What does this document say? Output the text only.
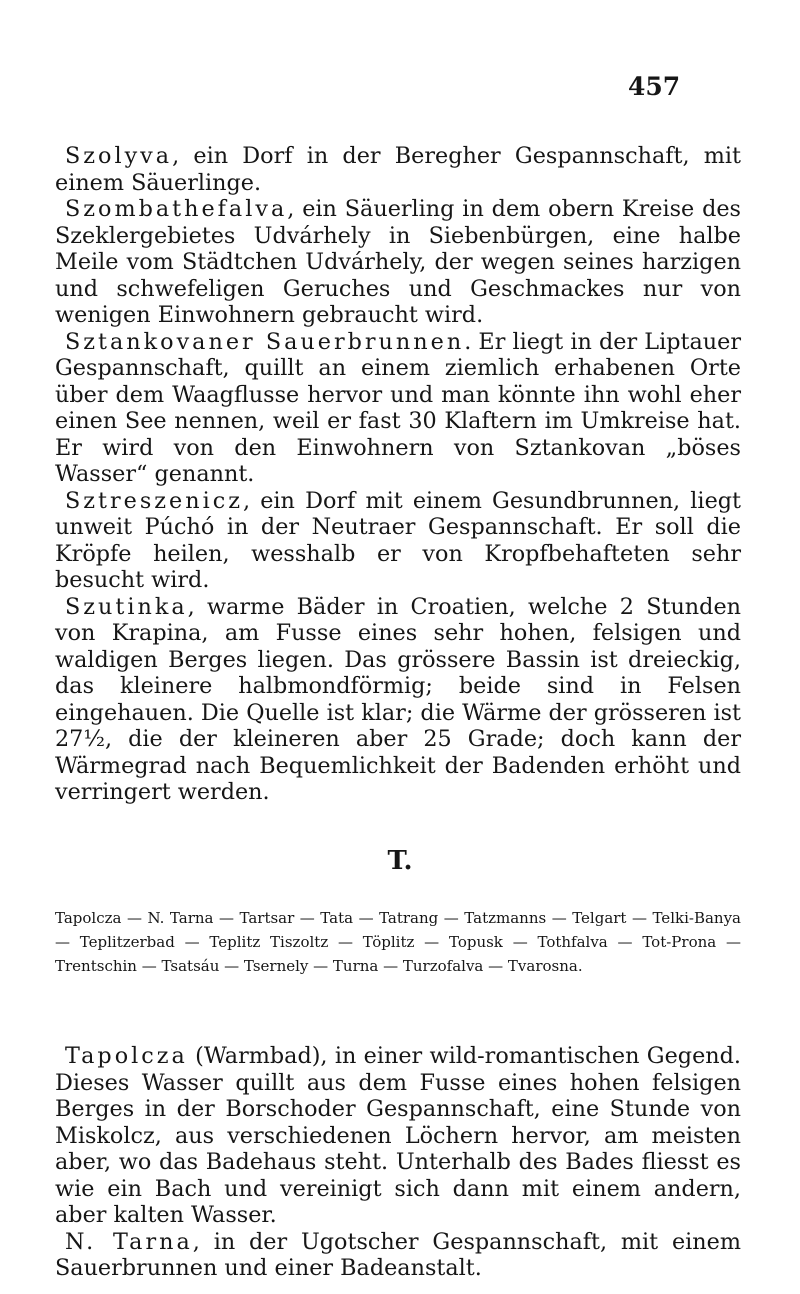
457

Szolyva, ein Dorf in der Beregher Gespannschaft, mit einem Säuerlinge.

Szombathefalva, ein Säuerling in dem obern Kreise des Szeklergebietes Udvárhely in Siebenbürgen, eine halbe Meile vom Städtchen Udvárhely, der wegen seines harzigen und schwefeligen Geruches und Geschmackes nur von wenigen Einwohnern gebraucht wird.

Sztankovaner Sauerbrunnen. Er liegt in der Liptauer Gespannschaft, quillt an einem ziemlich erhabenen Orte über dem Waagflusse hervor und man könnte ihn wohl eher einen See nennen, weil er fast 30 Klaftern im Umkreise hat. Er wird von den Einwohnern von Sztankovan „böses Wasser“ genannt.

Sztreszenicz, ein Dorf mit einem Gesundbrunnen, liegt unweit Púchó in der Neutraer Gespannschaft. Er soll die Kröpfe heilen, wesshalb er von Kropfbehafteten sehr besucht wird.

Szutinka, warme Bäder in Croatien, welche 2 Stunden von Krapina, am Fusse eines sehr hohen, felsigen und waldigen Berges liegen. Das grössere Bassin ist dreieckig, das kleinere halbmondförmig; beide sind in Felsen eingehauen. Die Quelle ist klar; die Wärme der grösseren ist 27½, die der kleineren aber 25 Grade; doch kann der Wärmegrad nach Bequemlichkeit der Badenden erhöht und verringert werden.

T.
Tapolcza — N. Tarna — Tartsar — Tata — Tatrang — Tatzmanns — Telgart — Telki-Banya — Teplitzerbad — Teplitz Tiszoltz — Töplitz — Topusk — Tothfalva — Tot-Prona — Trentschin — Tsatsáu — Tsernely — Turna — Turzofalva — Tvarosna.

Tapolcza (Warmbad), in einer wild-romantischen Gegend. Dieses Wasser quillt aus dem Fusse eines hohen felsigen Berges in der Borschoder Gespannschaft, eine Stunde von Miskolcz, aus verschiedenen Löchern hervor, am meisten aber, wo das Badehaus steht. Unterhalb des Bades fliesst es wie ein Bach und vereinigt sich dann mit einem andern, aber kalten Wasser.

N. Tarna, in der Ugotscher Gespannschaft, mit einem Sauerbrunnen und einer Badeanstalt.
